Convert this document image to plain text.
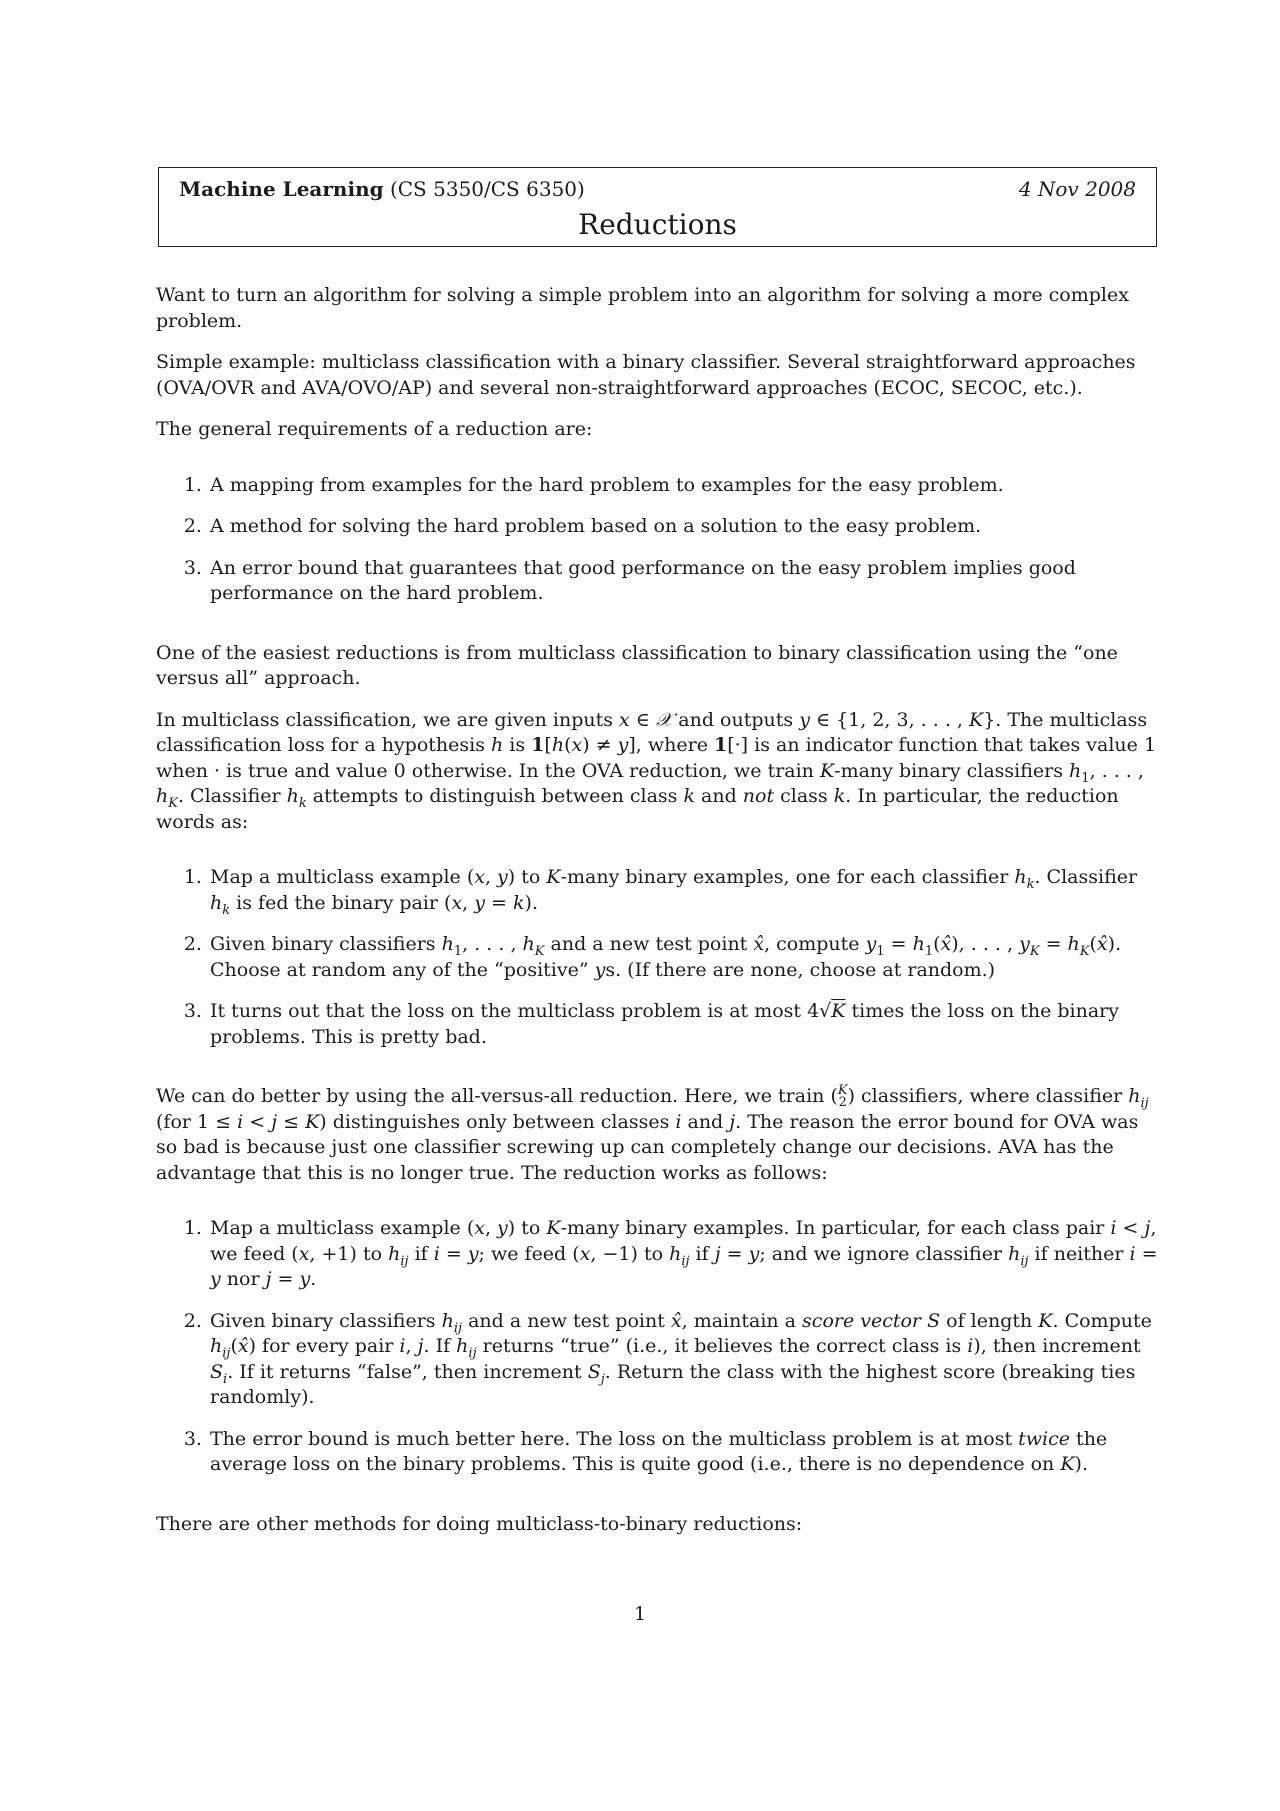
Machine Learning (CS 5350/CS 6350)	4 Nov 2008
Reductions

Want to turn an algorithm for solving a simple problem into an algorithm for solving a more complex problem.

Simple example: multiclass classification with a binary classifier. Several straightforward approaches (OVA/OVR and AVA/OVO/AP) and several non-straightforward approaches (ECOC, SECOC, etc.).

The general requirements of a reduction are:

1. A mapping from examples for the hard problem to examples for the easy problem.
2. A method for solving the hard problem based on a solution to the easy problem.
3. An error bound that guarantees that good performance on the easy problem implies good performance on the hard problem.

One of the easiest reductions is from multiclass classification to binary classification using the “one versus all” approach.

In multiclass classification, we are given inputs x ∈ 𝒳 and outputs y ∈ {1, 2, 3, . . . , K}. The multiclass classification loss for a hypothesis h is 1[h(x) ≠ y], where 1[·] is an indicator function that takes value 1 when · is true and value 0 otherwise. In the OVA reduction, we train K-many binary classifiers $h_1$, . . . , $h_K$. Classifier $h_k$ attempts to distinguish between class k and not class k. In particular, the reduction words as:

1. Map a multiclass example (x, y) to K-many binary examples, one for each classifier $h_k$. Classifier $h_k$ is fed the binary pair (x, y = k).
2. Given binary classifiers $h_1$, . . . , $h_K$ and a new test point x̂, compute $y_1$ = $h_1(x̂)$, . . . , $y_K$ = $h_K(x̂)$. Choose at random any of the “positive” ys. (If there are none, choose at random.)
3. It turns out that the loss on the multiclass problem is at most 4√K times the loss on the binary problems. This is pretty bad.

We can do better by using the all-versus-all reduction. Here, we train (K
2) classifiers, where classifier $h_{ij}$ (for 1 ≤ i < j ≤ K) distinguishes only between classes i and j. The reason the error bound for OVA was so bad is because just one classifier screwing up can completely change our decisions. AVA has the advantage that this is no longer true. The reduction works as follows:

1. Map a multiclass example (x, y) to K-many binary examples. In particular, for each class pair i < j, we feed (x, +1) to $h_{ij}$ if i = y; we feed (x, −1) to $h_{ij}$ if j = y; and we ignore classifier $h_{ij}$ if neither i = y nor j = y.
2. Given binary classifiers $h_{ij}$ and a new test point x̂, maintain a score vector S of length K. Compute $h_{ij}(x̂)$ for every pair i, j. If $h_{ij}$ returns “true” (i.e., it believes the correct class is i), then increment $S_i$. If it returns “false”, then increment $S_j$. Return the class with the highest score (breaking ties randomly).
3. The error bound is much better here. The loss on the multiclass problem is at most twice the average loss on the binary problems. This is quite good (i.e., there is no dependence on K).

There are other methods for doing multiclass-to-binary reductions:

1
